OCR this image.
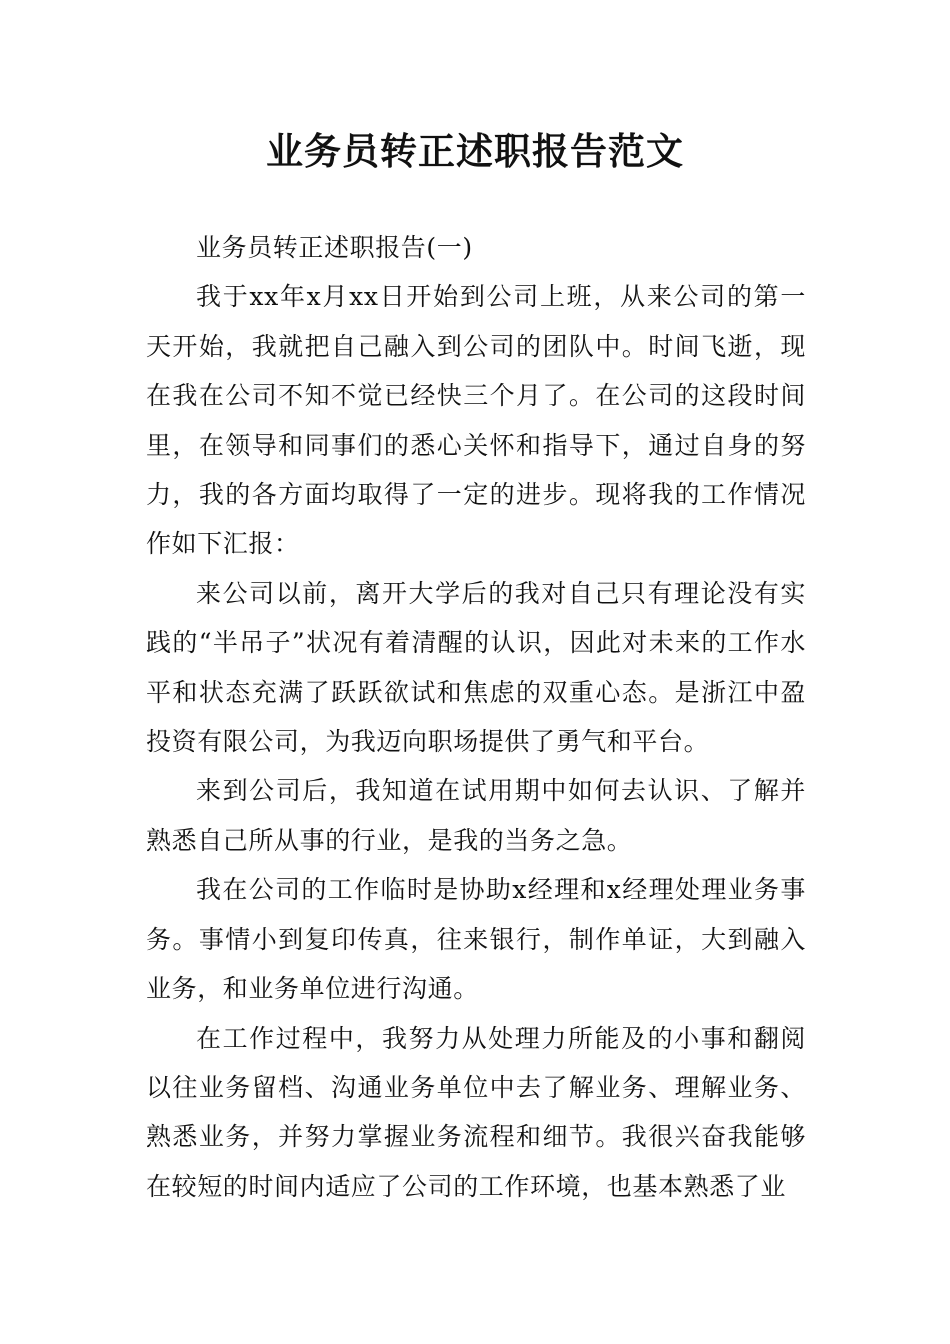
业务员转正述职报告范文

业务员转正述职报告(一)

我于xx年x月xx日开始到公司上班，从来公司的第一天开始，我就把自己融入到公司的团队中。时间飞逝，现在我在公司不知不觉已经快三个月了。在公司的这段时间里，在领导和同事们的悉心关怀和指导下，通过自身的努力，我的各方面均取得了一定的进步。现将我的工作情况作如下汇报：

来公司以前，离开大学后的我对自己只有理论没有实践的“半吊子”状况有着清醒的认识，因此对未来的工作水平和状态充满了跃跃欲试和焦虑的双重心态。是浙江中盈投资有限公司，为我迈向职场提供了勇气和平台。

来到公司后，我知道在试用期中如何去认识、了解并熟悉自己所从事的行业，是我的当务之急。

我在公司的工作临时是协助x经理和x经理处理业务事务。事情小到复印传真，往来银行，制作单证，大到融入业务，和业务单位进行沟通。

在工作过程中，我努力从处理力所能及的小事和翻阅以往业务留档、沟通业务单位中去了解业务、理解业务、熟悉业务，并努力掌握业务流程和细节。我很兴奋我能够在较短的时间内适应了公司的工作环境，也基本熟悉了业
